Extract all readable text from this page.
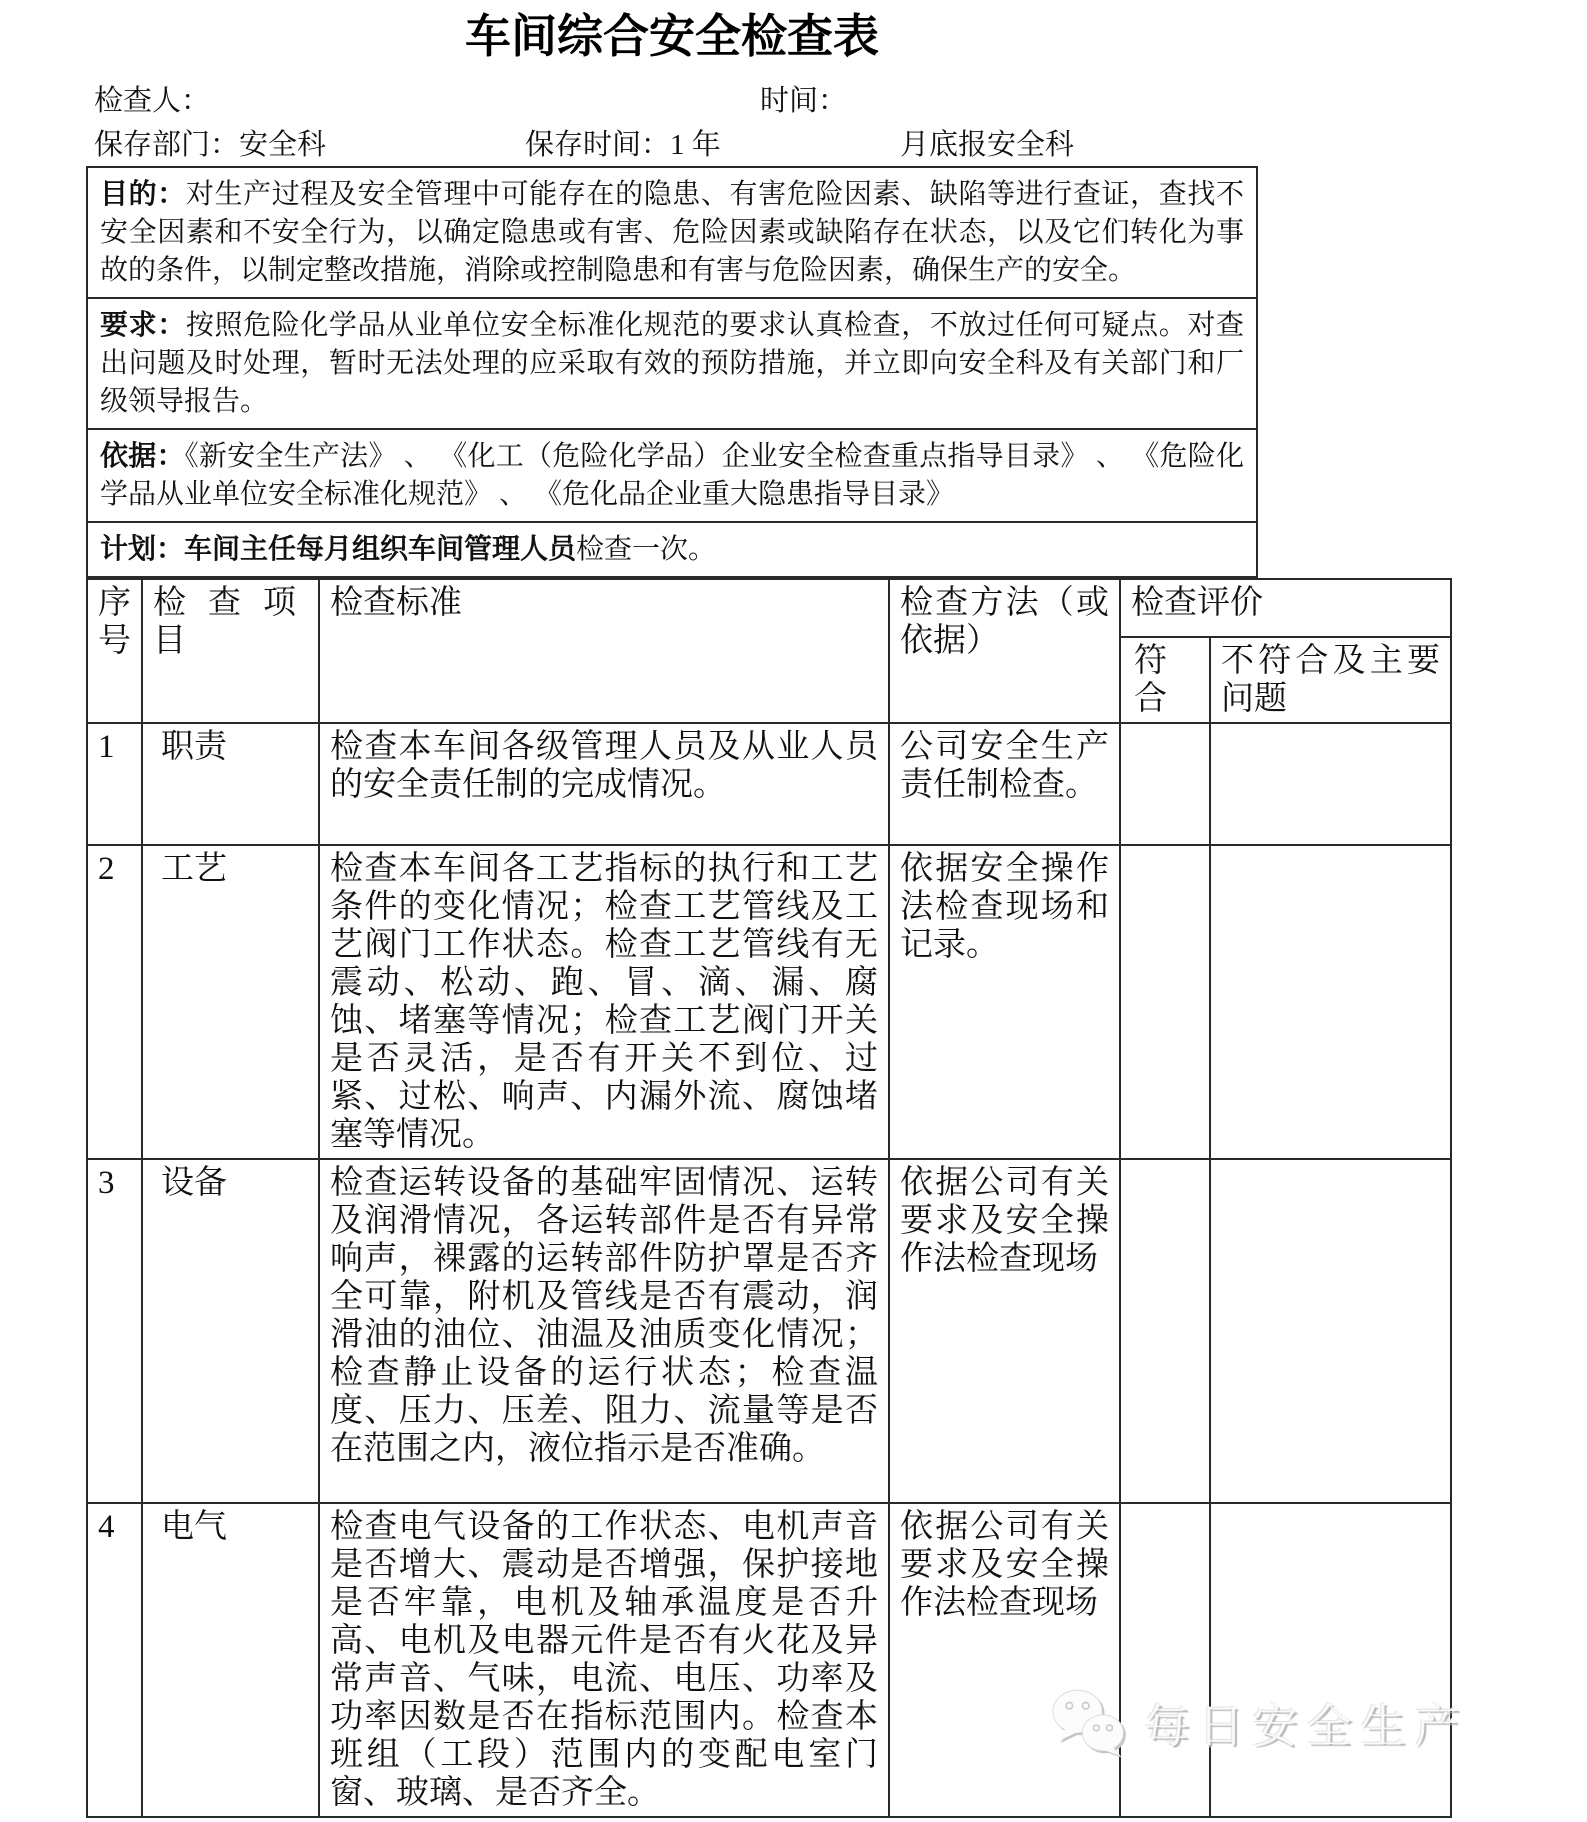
车间综合安全检查表
检查人：	时间：
保存部门：安全科	保存时间：1 年	月底报安全科

目的：对生产过程及安全管理中可能存在的隐患、有害危险因素、缺陷等进行查证，查找不安全因素和不安全行为，以确定隐患或有害、危险因素或缺陷存在状态，以及它们转化为事故的条件，以制定整改措施，消除或控制隐患和有害与危险因素，确保生产的安全。

要求：按照危险化学品从业单位安全标准化规范的要求认真检查，不放过任何可疑点。对查出问题及时处理，暂时无法处理的应采取有效的预防措施，并立即向安全科及有关部门和厂级领导报告。

依据：《新安全生产法》 、 《化工（危险化学品）企业安全检查重点指导目录》 、 《危险化学品从业单位安全标准化规范》 、 《危化品企业重大隐患指导目录》

计划：车间主任每月组织车间管理人员检查一次。

序号	检查项目	检查标准	检查方法（或依据）	检查评价	
				符合	不符合及主要问题
1	职责	检查本车间各级管理人员及从业人员的安全责任制的完成情况。	公司安全生产责任制检查。		
2	工艺	检查本车间各工艺指标的执行和工艺条件的变化情况；检查工艺管线及工艺阀门工作状态。检查工艺管线有无震动、松动、跑、冒、滴、漏、腐蚀、堵塞等情况；检查工艺阀门开关是否灵活，是否有开关不到位、过紧、过松、响声、内漏外流、腐蚀堵塞等情况。	依据安全操作法检查现场和记录。		
3	设备	检查运转设备的基础牢固情况、运转及润滑情况，各运转部件是否有异常响声，裸露的运转部件防护罩是否齐全可靠，附机及管线是否有震动，润滑油的油位、油温及油质变化情况；检查静止设备的运行状态；检查温度、压力、压差、阻力、流量等是否在范围之内，液位指示是否准确。	依据公司有关要求及安全操作法检查现场		
4	电气	检查电气设备的工作状态、电机声音是否增大、震动是否增强，保护接地是否牢靠，电机及轴承温度是否升高、电机及电器元件是否有火花及异常声音、气味，电流、电压、功率及功率因数是否在指标范围内。检查本班组（工段）范围内的变配电室门窗、玻璃、是否齐全。	依据公司有关要求及安全操作法检查现场		
每日安全生产
